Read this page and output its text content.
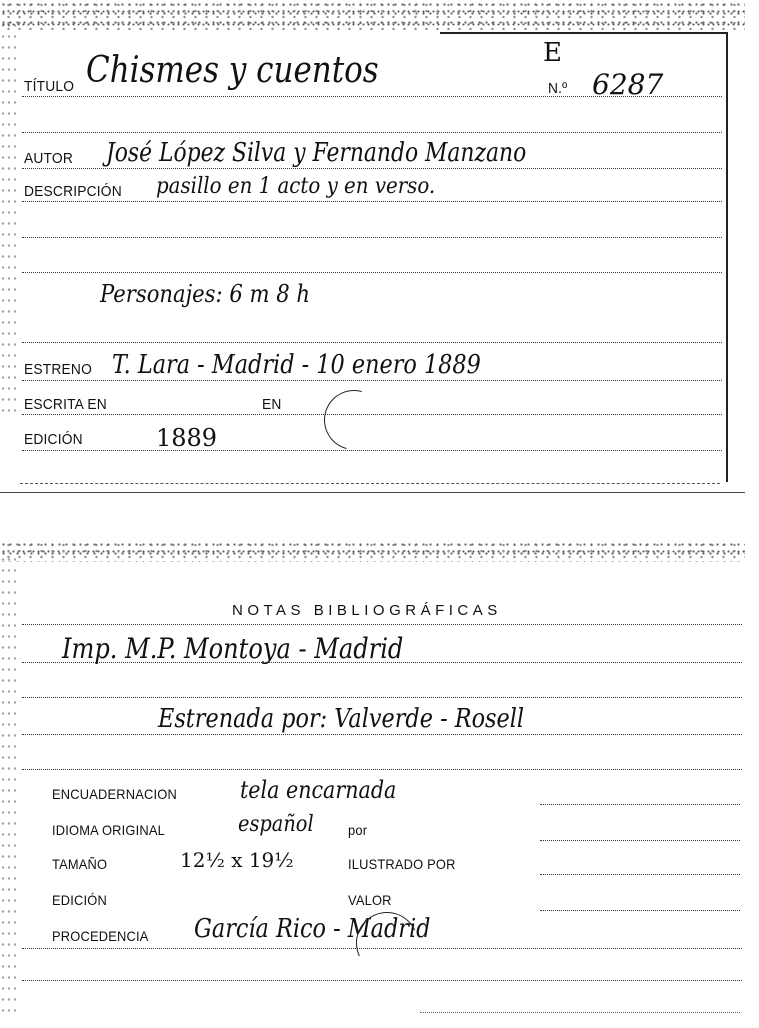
TÍTULO Chismes y cuentos	E
N.º 6287
AUTOR José López Silva y Fernando Manzano
DESCRIPCIÓN pasillo en 1 acto y en verso.
Personajes: 6 m 8 h
ESTRENO T. Lara - Madrid - 10 enero 1889
ESCRITA EN	EN
EDICIÓN	1889
NOTAS BIBLIOGRÁFICAS
Imp. M.P. Montoya - Madrid
Estrenada por: Valverde - Rosell
ENCUADERNACION	tela encarnada
IDIOMA ORIGINAL	español por
TAMAÑO	12½ x 19½	ILUSTRADO POR
EDICIÓN	VALOR
PROCEDENCIA García Rico - Madrid
